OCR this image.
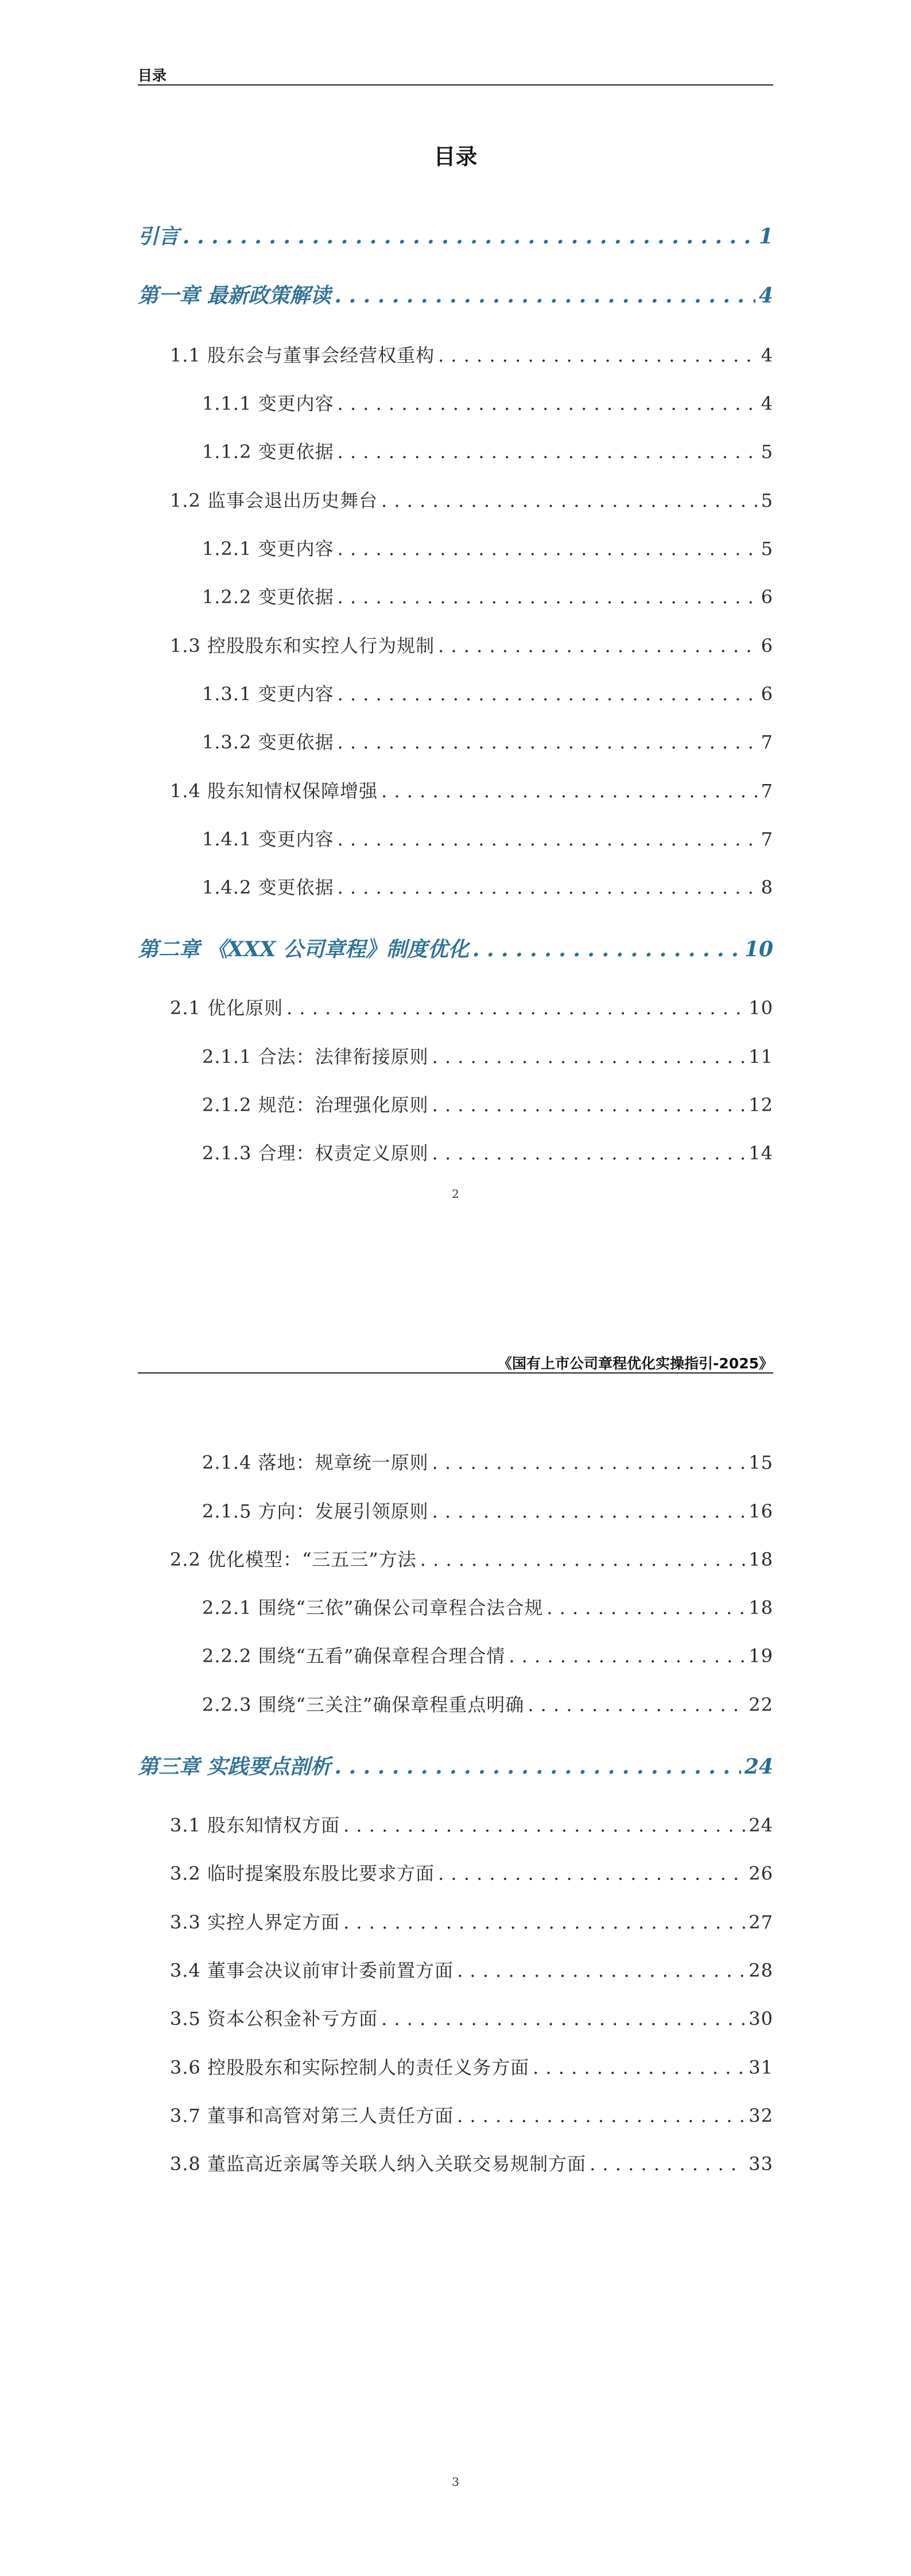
目录
目录
引言 . . .	1
第一章 最新政策解读 . . .	4
1.1 股东会与董事会经营权重构 . . .	4
1.1.1 变更内容 . . .	4
1.1.2 变更依据 . . .	5
1.2 监事会退出历史舞台 . . .	5
1.2.1 变更内容 . . .	5
1.2.2 变更依据 . . .	6
1.3 控股股东和实控人行为规制 . . .	6
1.3.1 变更内容 . . .	6
1.3.2 变更依据 . . .	7
1.4 股东知情权保障增强 . . .	7
1.4.1 变更内容 . . .	7
1.4.2 变更依据 . . .	8
第二章 《XXX 公司章程》制度优化 . . .	10
2.1 优化原则 . . .	10
2.1.1 合法：法律衔接原则 . . .	11
2.1.2 规范：治理强化原则 . . .	12
2.1.3 合理：权责定义原则 . . .	14
2
《国有上市公司章程优化实操指引-2025》
2.1.4 落地：规章统一原则 . . .	15
2.1.5 方向：发展引领原则 . . .	16
2.2 优化模型：“三五三”方法 . . .	18
2.2.1 围绕“三依”确保公司章程合法合规 . . .	18
2.2.2 围绕“五看”确保章程合理合情 . . .	19
2.2.3 围绕“三关注”确保章程重点明确 . . .	22
第三章 实践要点剖析 . . .	24
3.1 股东知情权方面 . . .	24
3.2 临时提案股东股比要求方面 . . .	26
3.3 实控人界定方面 . . .	27
3.4 董事会决议前审计委前置方面 . . .	28
3.5 资本公积金补亏方面 . . .	30
3.6 控股股东和实际控制人的责任义务方面 . . .	31
3.7 董事和高管对第三人责任方面 . . .	32
3.8 董监高近亲属等关联人纳入关联交易规制方面 . . .	33
3
